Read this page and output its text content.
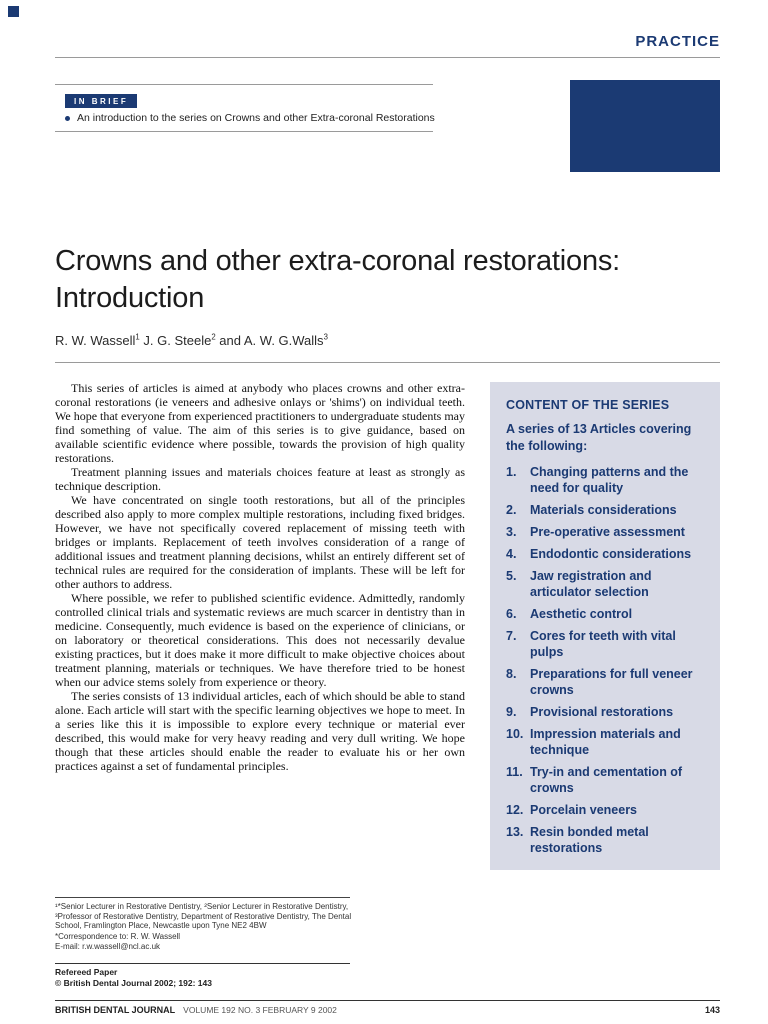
PRACTICE
IN BRIEF
An introduction to the series on Crowns and other Extra-coronal Restorations
Crowns and other extra-coronal restorations: Introduction
R. W. Wassell$^1$ J. G. Steele$^2$ and A. W. G.Walls$^3$

This series of articles is aimed at anybody who places crowns and other extra-coronal restorations (ie veneers and adhesive onlays or 'shims') on individual teeth. We hope that everyone from experienced practitioners to undergraduate students may find something of value. The aim of this series is to give guidance, based on available scientific evidence where possible, towards the provision of high quality restorations.

Treatment planning issues and materials choices feature at least as strongly as technique description.

We have concentrated on single tooth restorations, but all of the principles described also apply to more complex multiple restorations, including fixed bridges. However, we have not specifically covered replacement of missing teeth with bridges or implants. Replacement of teeth involves consideration of a range of additional issues and treatment planning decisions, whilst an entirely different set of technical rules are required for the consideration of implants. These will be left for other authors to address.

Where possible, we refer to published scientific evidence. Admittedly, randomly controlled clinical trials and systematic reviews are much scarcer in dentistry than in medicine. Consequently, much evidence is based on the experience of clinicians, or on laboratory or theoretical considerations. This does not necessarily devalue existing practices, but it does make it more difficult to make objective choices about treatment planning, materials or techniques. We have therefore tried to be honest when our advice stems solely from experience or theory.

The series consists of 13 individual articles, each of which should be able to stand alone. Each article will start with the specific learning objectives we hope to meet. In a series like this it is impossible to explore every technique or material ever described, this would make for very heavy reading and very dull writing. We hope though that these articles should enable the reader to evaluate his or her own practices against a set of fundamental principles.

CONTENT OF THE SERIES
A series of 13 Articles covering the following:
1.	Changing patterns and the need for quality
2.	Materials considerations
3.	Pre-operative assessment
4.	Endodontic considerations
5.	Jaw registration and articulator selection
6.	Aesthetic control
7.	Cores for teeth with vital pulps
8.	Preparations for full veneer crowns
9.	Provisional restorations
10. Impression materials and technique
11. Try-in and cementation of crowns
12. Porcelain veneers
13. Resin bonded metal restorations
¹*Senior Lecturer in Restorative Dentistry, ²Senior Lecturer in Restorative Dentistry, ³Professor of Restorative Dentistry, Department of Restorative Dentistry, The Dental School, Framlington Place, Newcastle upon Tyne NE2 4BW
*Correspondence to: R. W. Wassell
E-mail: r.w.wassell@ncl.ac.uk
Refereed Paper
© British Dental Journal 2002; 192: 143
BRITISH DENTAL JOURNAL VOLUME 192 NO. 3 FEBRUARY 9 2002	143
